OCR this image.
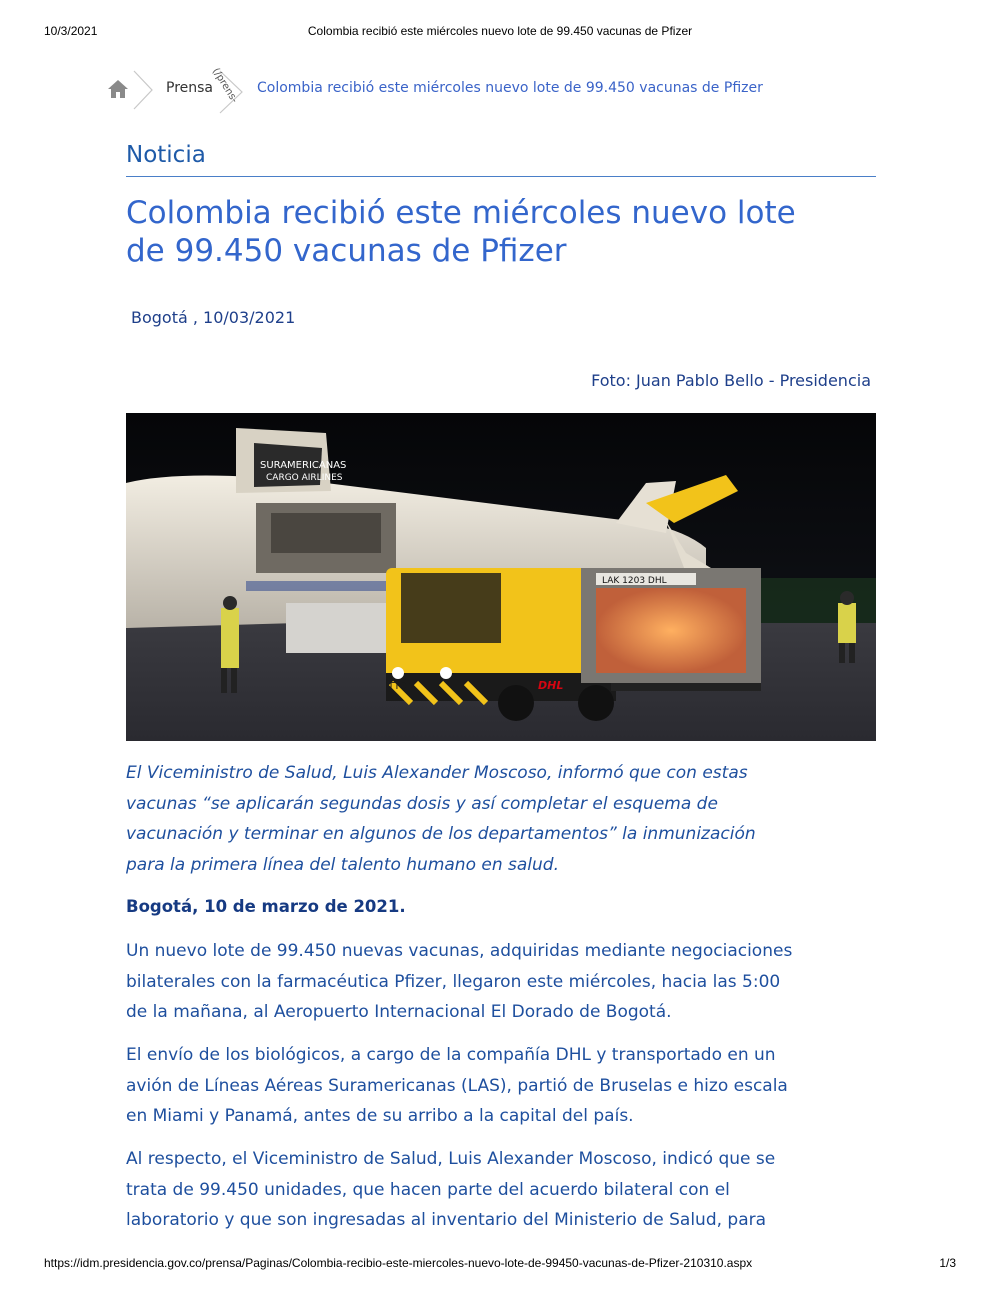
10/3/2021	Colombia recibió este miércoles nuevo lote de 99.450 vacunas de Pfizer
Prensa
(/prens- Colombia recibió este miércoles nuevo lote de 99.450 vacunas de Pfizer
Noticia
Colombia recibió este miércoles nuevo lote
de 99.450 vacunas de Pfizer
Bogotá , 10/03/2021
Foto: Juan Pablo Bello - Presidencia
SURAMERICANAS
CARGO AIRLINES
TT04	DHL
LAK 1203 DHL
El Viceministro de Salud, Luis Alexander Moscoso, informó que con estas
vacunas “se aplicarán segundas dosis y así completar el esquema de
vacunación y terminar en algunos de los departamentos” la inmunización
para la primera línea del talento humano en salud.
Bogotá, 10 de marzo de 2021.

Un nuevo lote de 99.450 nuevas vacunas, adquiridas mediante negociaciones
bilaterales con la farmacéutica Pfizer, llegaron este miércoles, hacia las 5:00
de la mañana, al Aeropuerto Internacional El Dorado de Bogotá.

El envío de los biológicos, a cargo de la compañía DHL y transportado en un
avión de Líneas Aéreas Suramericanas (LAS), partió de Bruselas e hizo escala
en Miami y Panamá, antes de su arribo a la capital del país.

Al respecto, el Viceministro de Salud, Luis Alexander Moscoso, indicó que se
trata de 99.450 unidades, que hacen parte del acuerdo bilateral con el
laboratorio y que son ingresadas al inventario del Ministerio de Salud, para

https://idm.presidencia.gov.co/prensa/Paginas/Colombia-recibio-este-miercoles-nuevo-lote-de-99450-vacunas-de-Pfizer-210310.aspx	1/3
